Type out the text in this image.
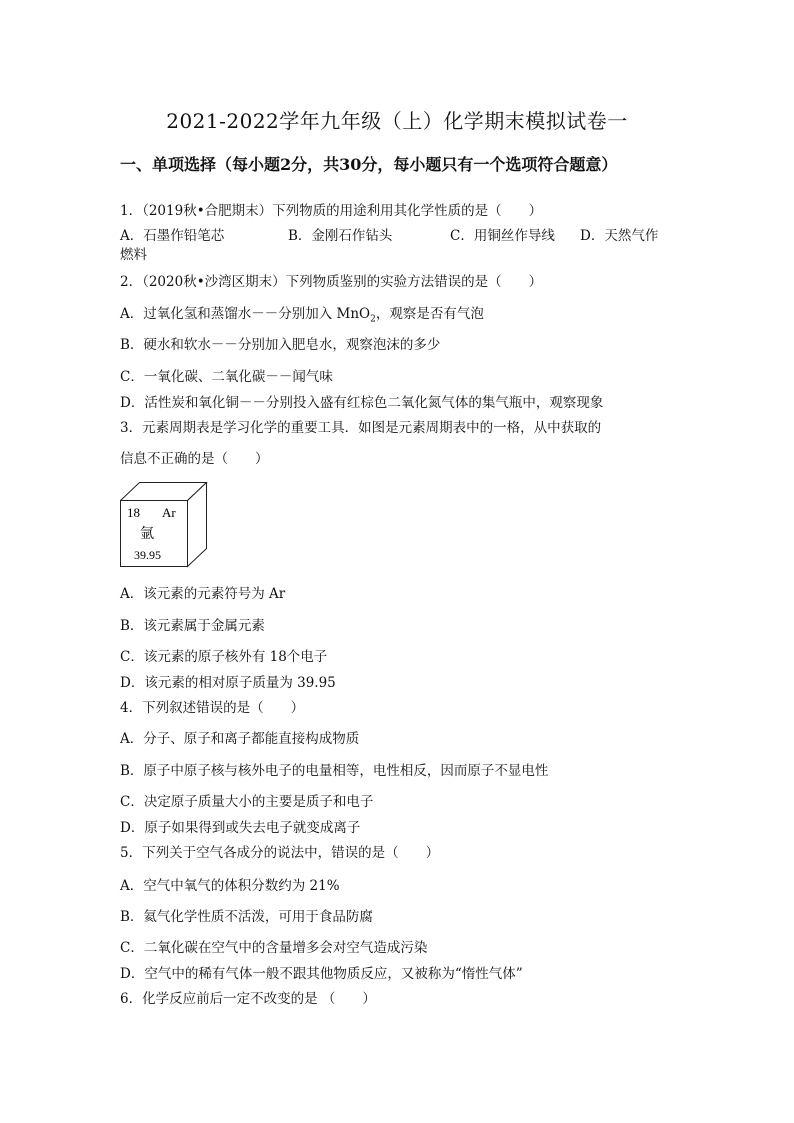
2021-2022学年九年级（上）化学期末模拟试卷一
一、单项选择（每小题2分，共30分，每小题只有一个选项符合题意）
1．（2019秋•合肥期末）下列物质的用途利用其化学性质的是（　　）
A．石墨作铅笔芯	B．金刚石作钻头	C．用铜丝作导线 D．天然气作
燃料
2．（2020秋•沙湾区期末）下列物质鉴别的实验方法错误的是（　　）
A．过氧化氢和蒸馏水－－分别加入 MnO$_2$，观察是否有气泡
B．硬水和软水－－分别加入肥皂水，观察泡沫的多少
C．一氧化碳、二氧化碳－－闻气味
D．活性炭和氧化铜－－分别投入盛有红棕色二氧化氮气体的集气瓶中，观察现象
3．元素周期表是学习化学的重要工具．如图是元素周期表中的一格，从中获取的
信息不正确的是（　　）
18 Ar
氩
39.95
A．该元素的元素符号为 Ar
B．该元素属于金属元素
C．该元素的原子核外有 18个电子
D．该元素的相对原子质量为 39.95
4．下列叙述错误的是（　　）
A．分子、原子和离子都能直接构成物质
B．原子中原子核与核外电子的电量相等，电性相反，因而原子不显电性
C．决定原子质量大小的主要是质子和电子
D．原子如果得到或失去电子就变成离子
5．下列关于空气各成分的说法中，错误的是（　　）
A．空气中氧气的体积分数约为 21%
B．氦气化学性质不活泼，可用于食品防腐
C．二氧化碳在空气中的含量增多会对空气造成污染
D．空气中的稀有气体一般不跟其他物质反应，又被称为“惰性气体”
6．化学反应前后一定不改变的是 （　　）
